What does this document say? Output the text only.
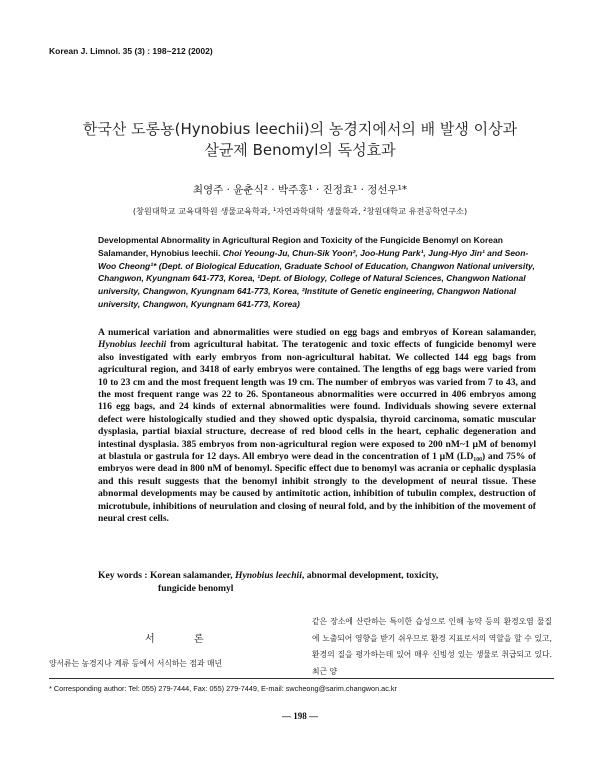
Korean J. Limnol. 35 (3) : 198~212 (2002)
한국산 도롱뇽(Hynobius leechii)의 농경지에서의 배 발생 이상과
살균제 Benomyl의 독성효과
최영주 · 윤춘식² · 박주홍¹ · 진정효¹ · 정선우¹*
(창원대학교 교육대학원 생물교육학과, ¹자연과학대학 생물학과, ²창원대학교 유전공학연구소)
Developmental Abnormality in Agricultural Region and Toxicity of the Fungicide Benomyl on Korean Salamander, Hynobius leechii. Choi Yeoung-Ju, Chun-Sik Yoon², Joo-Hung Park¹, Jung-Hyo Jin¹ and Seon-Woo Cheong¹* (Dept. of Biological Education, Graduate School of Education, Changwon National university, Changwon, Kyungnam 641-773, Korea, ¹Dept. of Biology, College of Natural Sciences, Changwon National university, Changwon, Kyungnam 641-773, Korea, ²Institute of Genetic engineering, Changwon National university, Changwon, Kyungnam 641-773, Korea)
A numerical variation and abnormalities were studied on egg bags and embryos of Korean salamander, Hynobius leechii from agricultural habitat. The teratogenic and toxic effects of fungicide benomyl were also investigated with early embryos from non-agricultural habitat. We collected 144 egg bags from agricultural region, and 3418 of early embryos were contained. The lengths of egg bags were varied from 10 to 23 cm and the most frequent length was 19 cm. The number of embryos was varied from 7 to 43, and the most frequent range was 22 to 26. Spontaneous abnormalities were occurred in 406 embryos among 116 egg bags, and 24 kinds of external abnormalities were found. Individuals showing severe external defect were histologically studied and they showed optic dyspalsia, thyroid carcinoma, somatic muscular dysplasia, partial biaxial structure, decrease of red blood cells in the heart, cephalic degeneration and intestinal dysplasia. 385 embryos from non-agricultural region were exposed to 200 nM~1 μM of benomyl at blastula or gastrula for 12 days. All embryo were dead in the concentration of 1 μM (LD₁₀₀) and 75% of embryos were dead in 800 nM of benomyl. Specific effect due to benomyl was acrania or cephalic dysplasia and this result suggests that the benomyl inhibit strongly to the development of neural tissue. These abnormal developments may be caused by antimitotic action, inhibition of tubulin complex, destruction of microtubule, inhibitions of neurulation and closing of neural fold, and by the inhibition of the movement of neural crest cells.

Key words : Korean salamander, Hynobius leechii, abnormal development, toxicity,

fungicide benomyl

서 론
양서류는 농경지나 계류 등에서 서식하는 점과 매년
같은 장소에 산란하는 특이한 습성으로 인해 농약 등의 환경오염 물질에 노출되어 영향을 받기 쉬우므로 환경 지표로서의 역할을 할 수 있고, 환경의 질을 평가하는데 있어 매우 신빙성 있는 생물로 취급되고 있다. 최근 양
* Corresponding author: Tel: 055) 279-7444, Fax: 055) 279-7449, E-mail: swcheong@sarim.changwon.ac.kr
— 198 —
